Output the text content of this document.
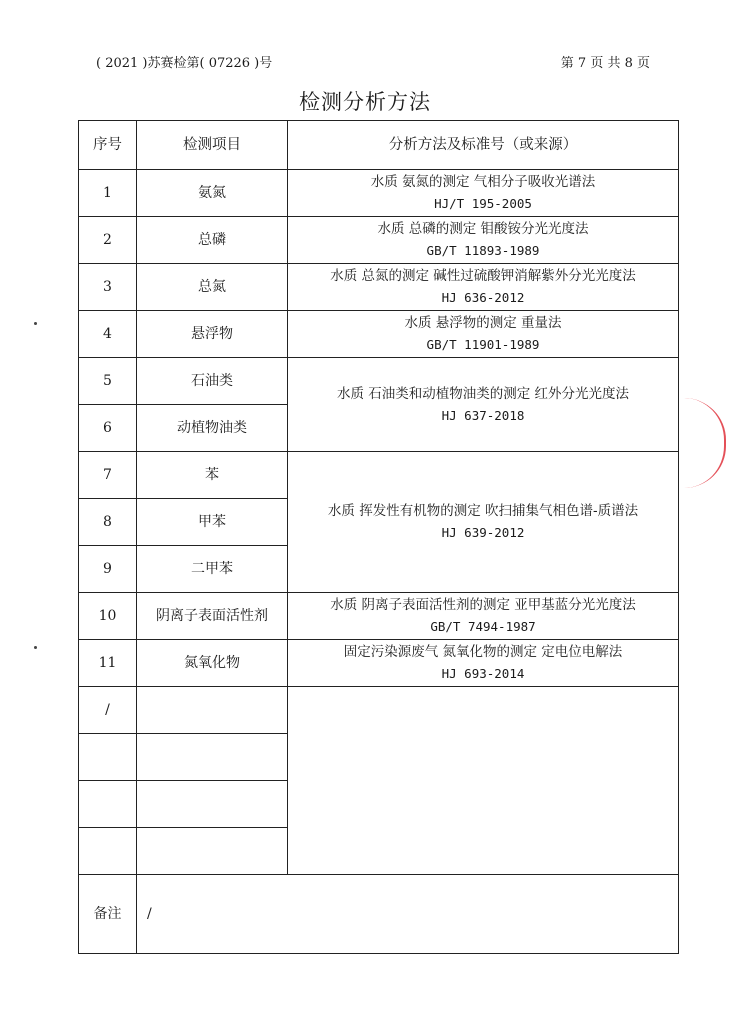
( 2021 )苏赛检第( 07226 )号	第 7 页 共 8 页
检测分析方法
序号	检测项目	分析方法及标准号（或来源）
1	氨氮	水质 氨氮的测定 气相分子吸收光谱法
HJ/T 195-2005

2	总磷	水质 总磷的测定 钼酸铵分光光度法
GB/T 11893-1989

3	总氮	水质 总氮的测定 碱性过硫酸钾消解紫外分光光度法
HJ 636-2012

4	悬浮物	水质 悬浮物的测定 重量法
GB/T 11901-1989

5	石油类	水质 石油类和动植物油类的测定 红外分光光度法
HJ 637-2018

6	动植物油类	
7	苯	水质 挥发性有机物的测定 吹扫捕集气相色谱-质谱法
HJ 639-2012

8	甲苯	
9	二甲苯	
10	阴离子表面活性剂	水质 阴离子表面活性剂的测定 亚甲基蓝分光光度法
GB/T 7494-1987

11	氮氧化物	固定污染源废气 氮氧化物的测定 定电位电解法
HJ 693-2014

/		

备注	/	
